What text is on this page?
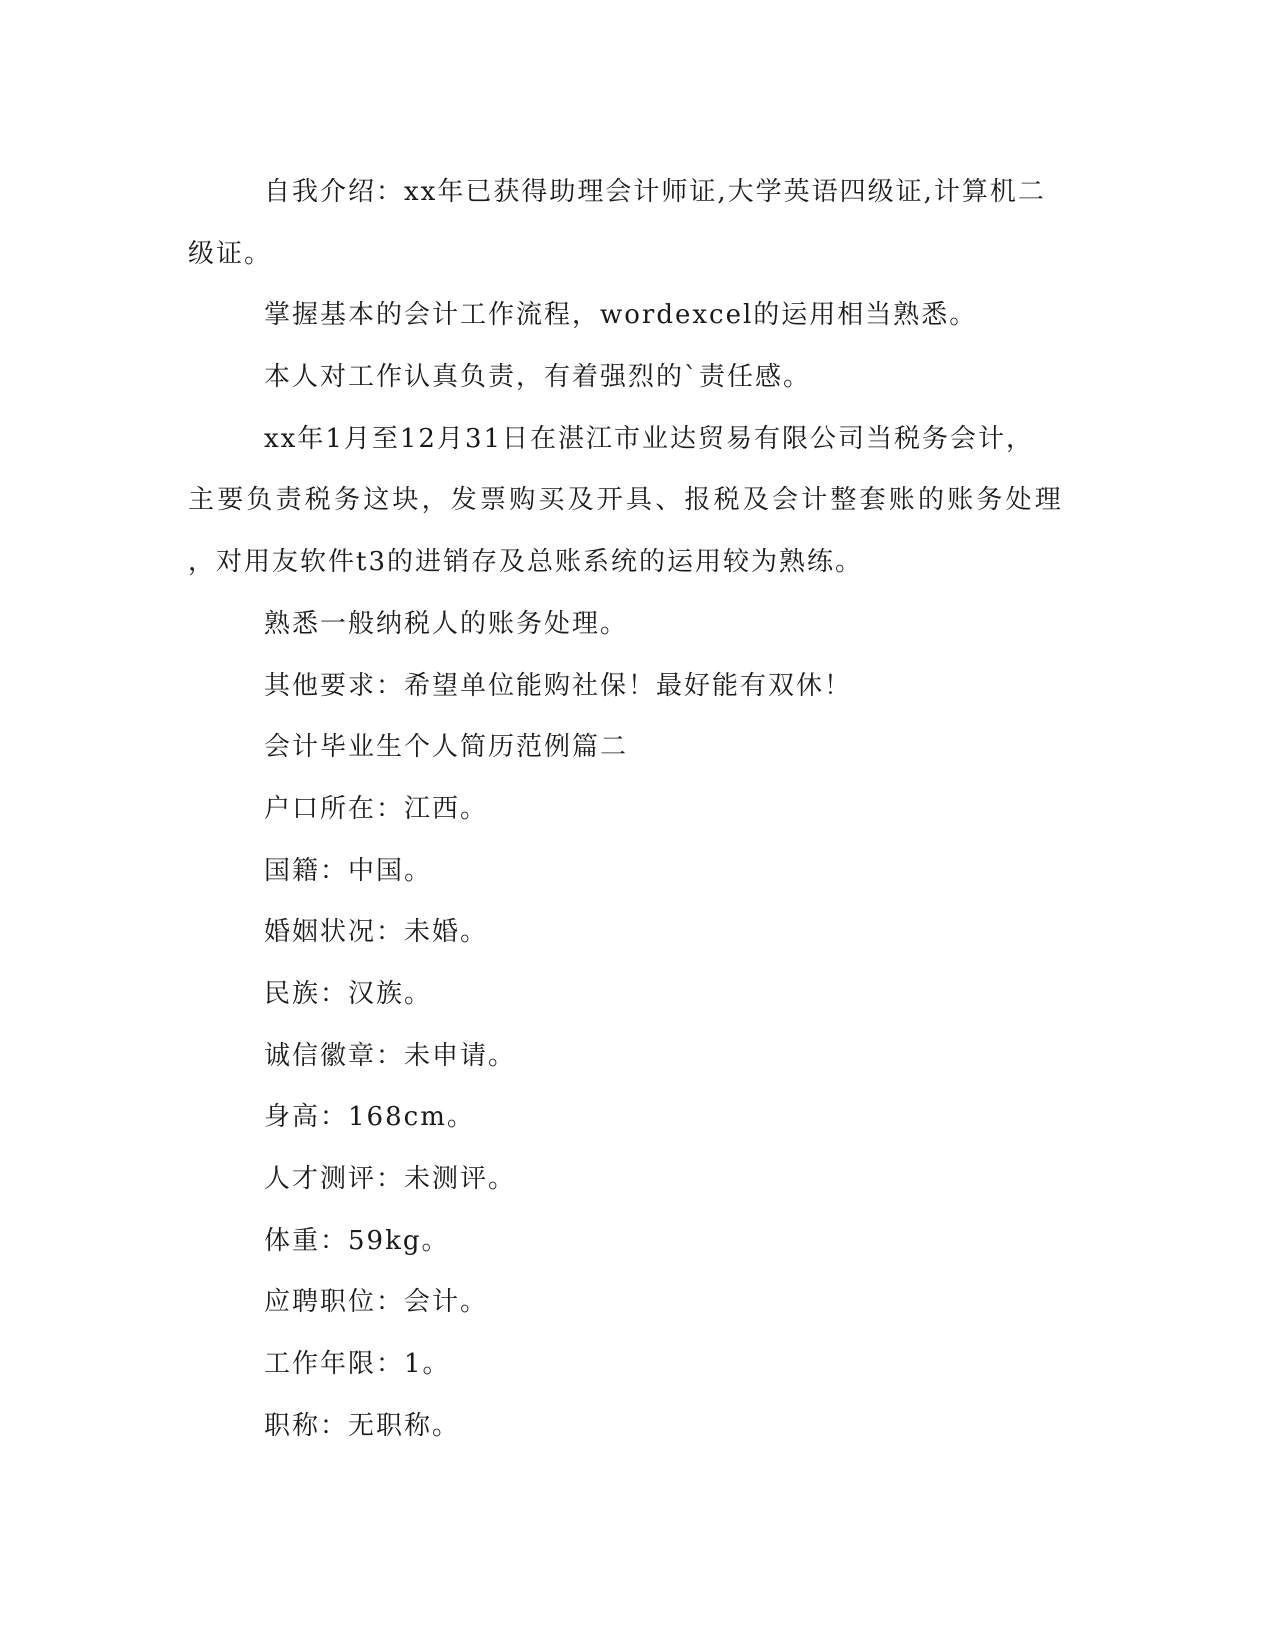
自我介绍：xx年已获得助理会计师证,大学英语四级证,计算机二
级证。
掌握基本的会计工作流程，wordexcel的运用相当熟悉。
本人对工作认真负责，有着强烈的`责任感。
xx年1月至12月31日在湛江市业达贸易有限公司当税务会计，
主要负责税务这块，发票购买及开具、报税及会计整套账的账务处理
，对用友软件t3的进销存及总账系统的运用较为熟练。
熟悉一般纳税人的账务处理。
其他要求：希望单位能购社保！最好能有双休！
会计毕业生个人简历范例篇二
户口所在：江西。
国籍：中国。
婚姻状况：未婚。
民族：汉族。
诚信徽章：未申请。
身高：168cm。
人才测评：未测评。
体重：59kg。
应聘职位：会计。
工作年限：1。
职称：无职称。
